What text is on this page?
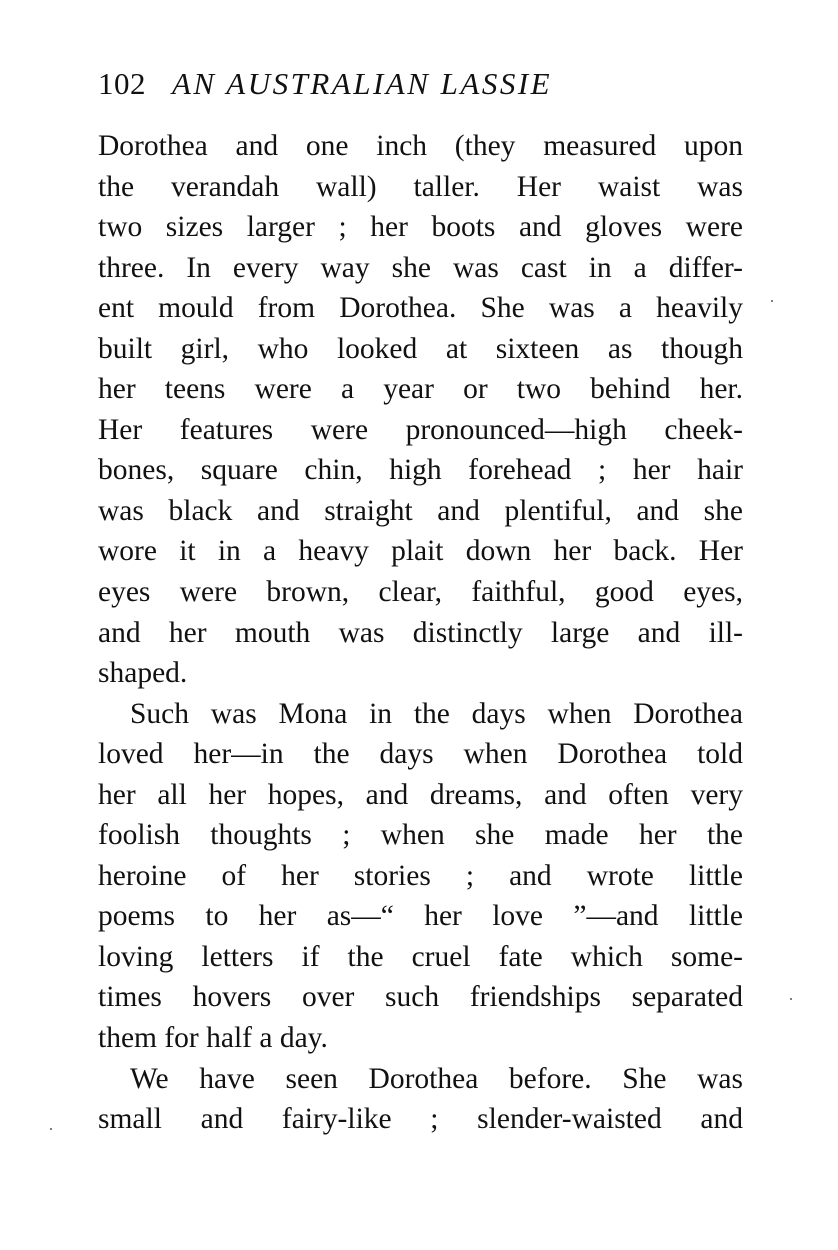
102 AN AUSTRALIAN LASSIE
Dorothea and one inch (they measured upon
the verandah wall) taller. Her waist was
two sizes larger ; her boots and gloves were
three. In every way she was cast in a differ-
ent mould from Dorothea. She was a heavily
built girl, who looked at sixteen as though
her teens were a year or two behind her.
Her features were pronounced—high cheek-
bones, square chin, high forehead ; her hair
was black and straight and plentiful, and she
wore it in a heavy plait down her back. Her
eyes were brown, clear, faithful, good eyes,
and her mouth was distinctly large and ill-
shaped.
Such was Mona in the days when Dorothea
loved her—in the days when Dorothea told
her all her hopes, and dreams, and often very
foolish thoughts ; when she made her the
heroine of her stories ; and wrote little
poems to her as—“ her love ”—and little
loving letters if the cruel fate which some-
times hovers over such friendships separated
them for half a day.
We have seen Dorothea before. She was
small and fairy-like ; slender-waisted and
